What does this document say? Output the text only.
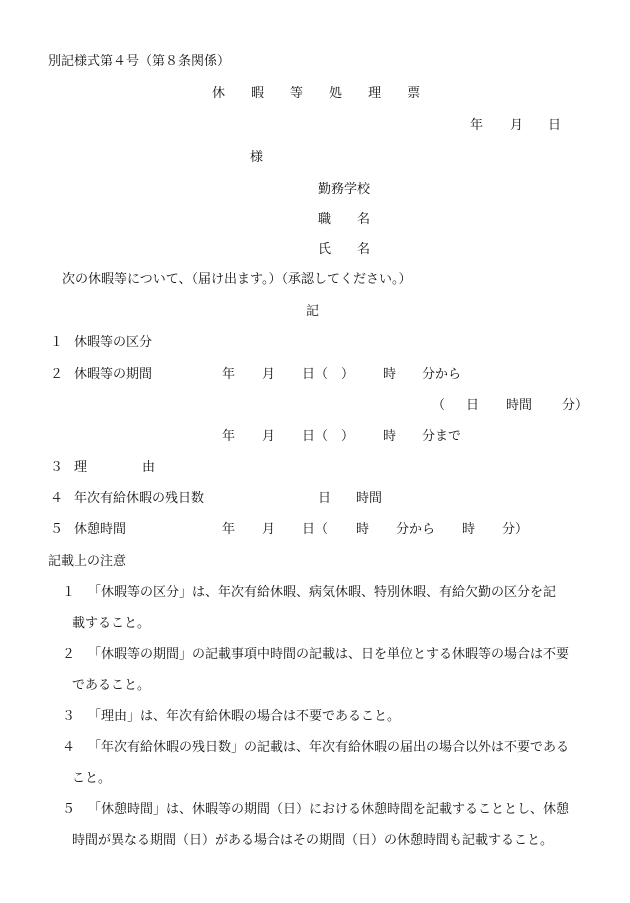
別記様式第４号（第８条関係）
休 暇 等 処 理 票
年 月 日
様
勤務学校
職　　名
氏　　名
次の休暇等について、（届け出ます。）（承認してください。）
記
１ 休暇等の区分
２ 休暇等の期間	年 月 日（　） 時 分から
（ 日 時間 分）
年 月 日（　） 時 分まで
３ 理	由
４ 年次有給休暇の残日数	日 時間
５ 休憩時間	年 月 日（ 時 分から 時 分）
記載上の注意
１ 「休暇等の区分」は、年次有給休暇、病気休暇、特別休暇、有給欠勤の区分を記
載すること。
２ 「休暇等の期間」の記載事項中時間の記載は、日を単位とする休暇等の場合は不要
であること。
３ 「理由」は、年次有給休暇の場合は不要であること。
４ 「年次有給休暇の残日数」の記載は、年次有給休暇の届出の場合以外は不要である
こと。
５ 「休憩時間」は、休暇等の期間（日）における休憩時間を記載することとし、休憩
時間が異なる期間（日）がある場合はその期間（日）の休憩時間も記載すること。
